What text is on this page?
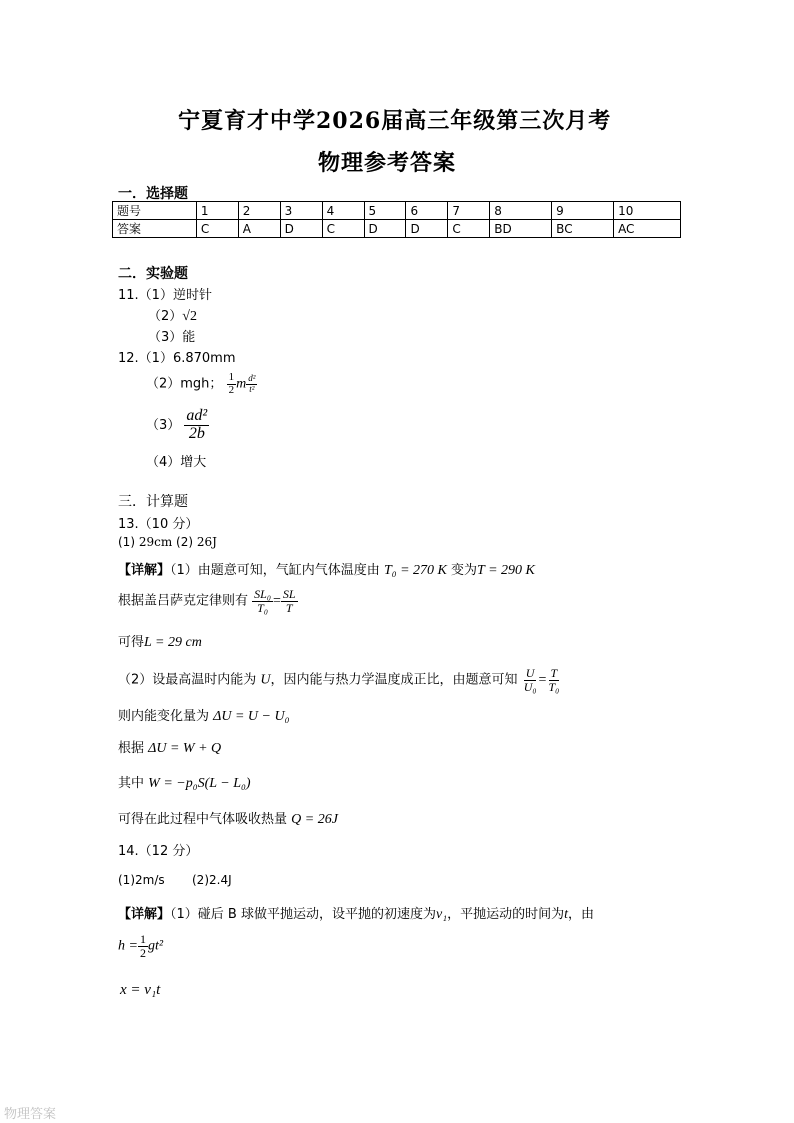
宁夏育才中学2026届高三年级第三次月考
物理参考答案
一．选择题
题号	1	2	3	4	5	6	7	8	9	10
答案	C	A	D	C	D	D	C	BD	BC	AC
二．实验题
11.（1）逆时针
（2）√2
（3）能
12.（1）6.870mm
（2）mgh； $\frac{1}{2}$ m $\frac{\text{d²}}{\text{t²}}$
$(3) \frac{\text{ad²}}{2b}$
（4）增大
三．计算题
13.（10 分）
(1) 29cm (2) 26J
【详解】（1）由题意可知，气缸内气体温度由 T₀ = 270 K 变为T = 290 K
根据盖吕萨克定律则有 $\frac{\text{SL₀}}{\text{T₀}} = \frac{SL}{T}$
可得L = 29 cm
（2）设最高温时内能为 U，因内能与热力学温度成正比，由题意可知 $\frac{U}{\text{U₀}} = \frac{T}{\text{T₀}}$
则内能变化量为 ΔU = U − U₀
根据 ΔU = W + Q
其中 W = −p₀S(L − L₀)
可得在此过程中气体吸收热量 Q = 26J
14.（12 分）
(1)2m/s (2)2.4J
【详解】（1）碰后 B 球做平抛运动，设平抛的初速度为v₁，平抛运动的时间为t，由
$h = \frac{1}{2} gt^2$
x = v₁t
物理答案
